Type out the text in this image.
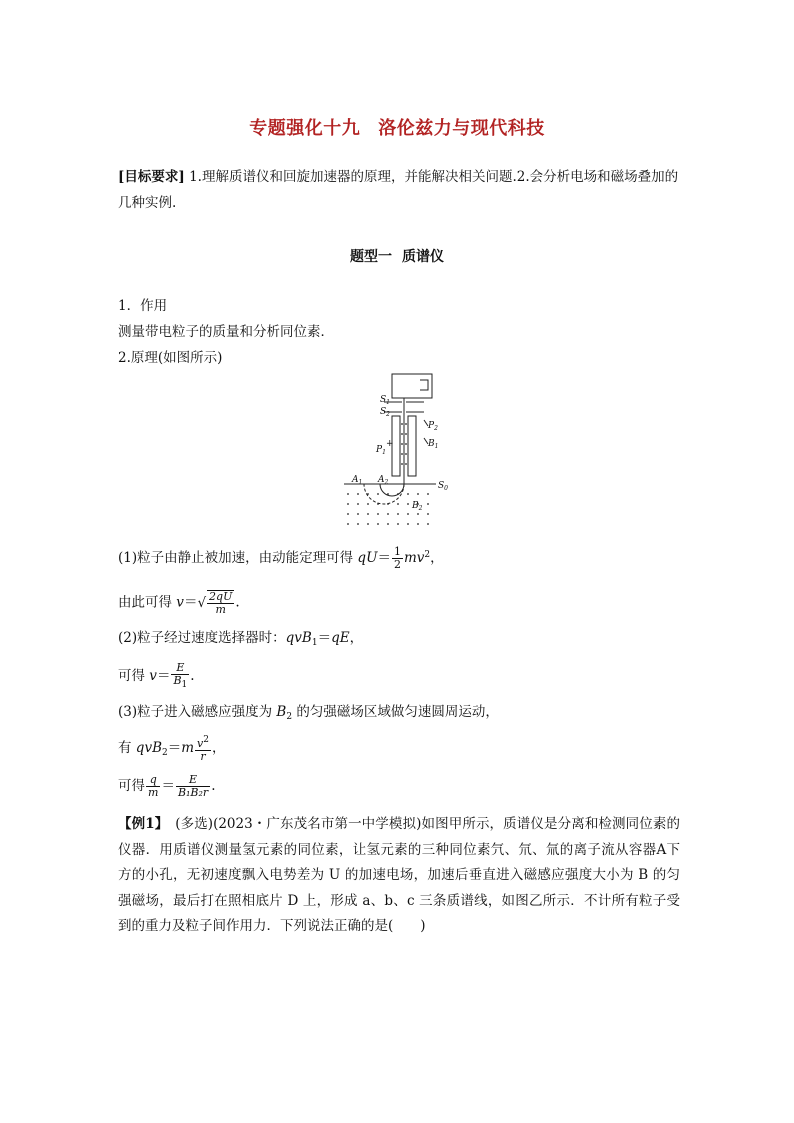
专题强化十九 洛伦兹力与现代科技
[目标要求] 1.理解质谱仪和回旋加速器的原理，并能解决相关问题.2.会分析电场和磁场叠加的几种实例.
题型一 质谱仪
1．作用
测量带电粒子的质量和分析同位素．
2.原理(如图所示)
$S_1$
$S_2$
$P_1$
+
$P_2$
$B_1$
$A_1$ $A_2$	$S_0$
$B_2$
(1)粒子由静止被加速，由动能定理可得 $qU= \frac{1}{2} mv^2$，
由此可得 $v=√ \frac{2qU}{m}$ .
(2)粒子经过速度选择器时：qvB$_1$＝qE，
可得 $v= \frac{E}{B_1}$ .
(3)粒子进入磁感应强度为 $B_2$ 的匀强磁场区域做匀速圆周运动，
有 $qvB_2=m \frac{v^2}{r}$ ，
可得 $\frac{q}{m} = \frac{E}{\text{B₁B₂r}}$ .
【例1】　(多选)(2023・广东茂名市第一中学模拟)如图甲所示，质谱仪是分离和检测同位素的仪器．用质谱仪测量氢元素的同位素，让氢元素的三种同位素氕、氘、氚的离子流从容器A下方的小孔，无初速度飘入电势差为 U 的加速电场，加速后垂直进入磁感应强度大小为 B 的匀强磁场，最后打在照相底片 D 上，形成 a、b、c 三条质谱线，如图乙所示．不计所有粒子受到的重力及粒子间作用力．下列说法正确的是(　　)
